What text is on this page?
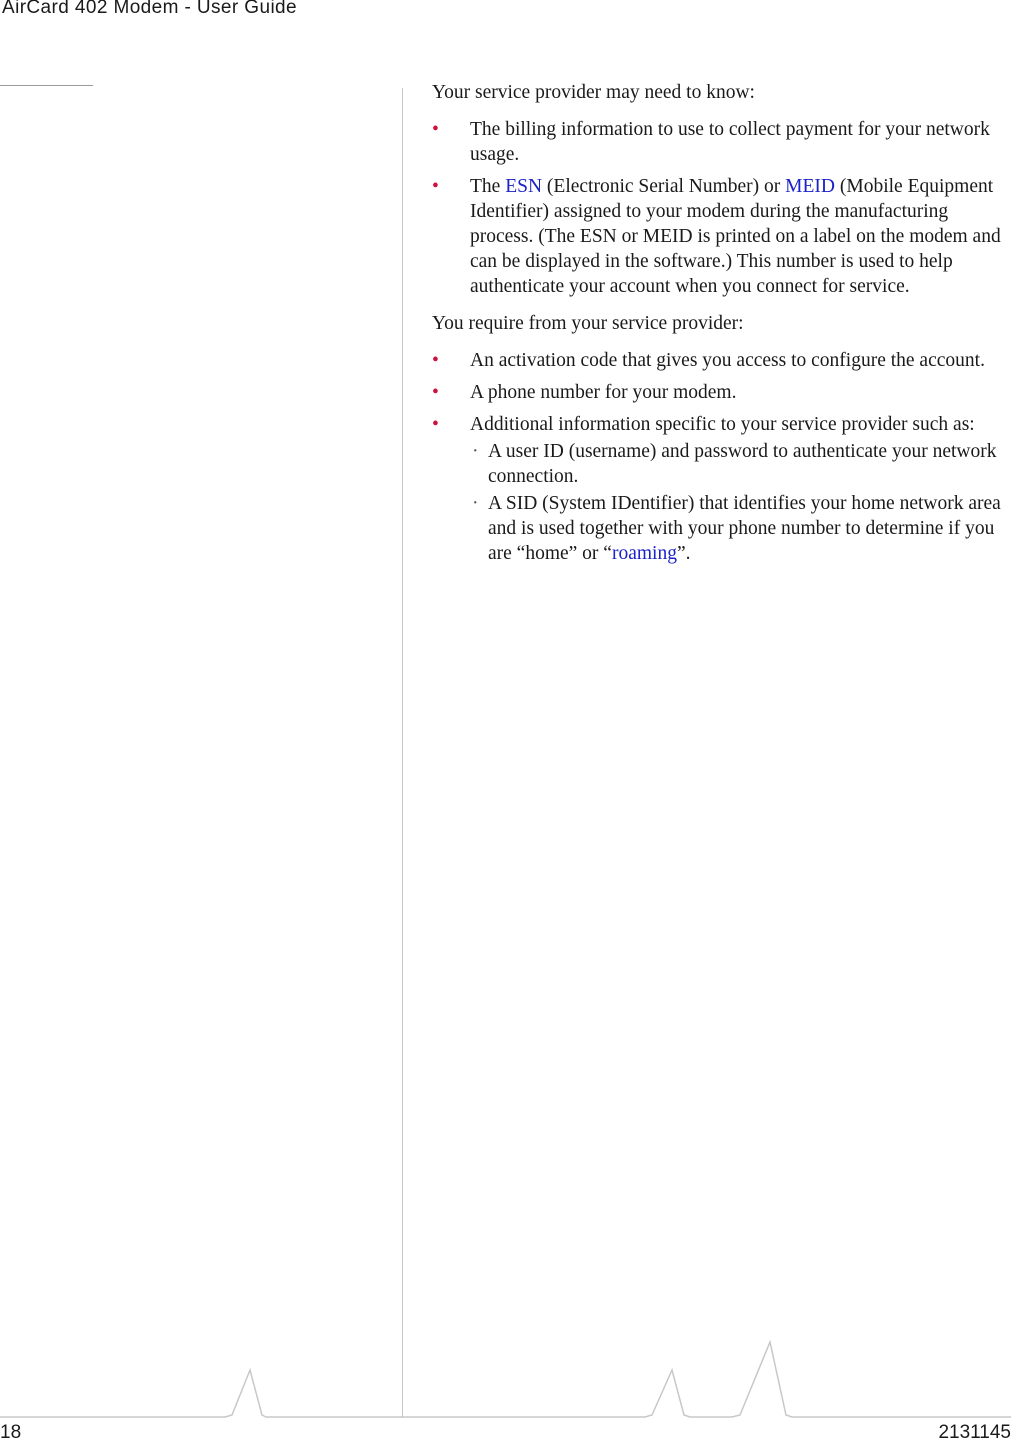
AirCard 402 Modem - User Guide

Your service provider may need to know:

• The billing information to use to collect payment for your network usage.
• The ESN (Electronic Serial Number) or MEID (Mobile Equipment Identifier) assigned to your modem during the manufacturing process. (The ESN or MEID is printed on a label on the modem and can be displayed in the software.) This number is used to help authenticate your account when you connect for service.

You require from your service provider:

• An activation code that gives you access to configure the account.
• A phone number for your modem.
• Additional information specific to your service provider such as:
· A user ID (username) and password to authenticate your network connection.
· A SID (System IDentifier) that identifies your home network area and is used together with your phone number to determine if you are “home” or “roaming”.
18	2131145
